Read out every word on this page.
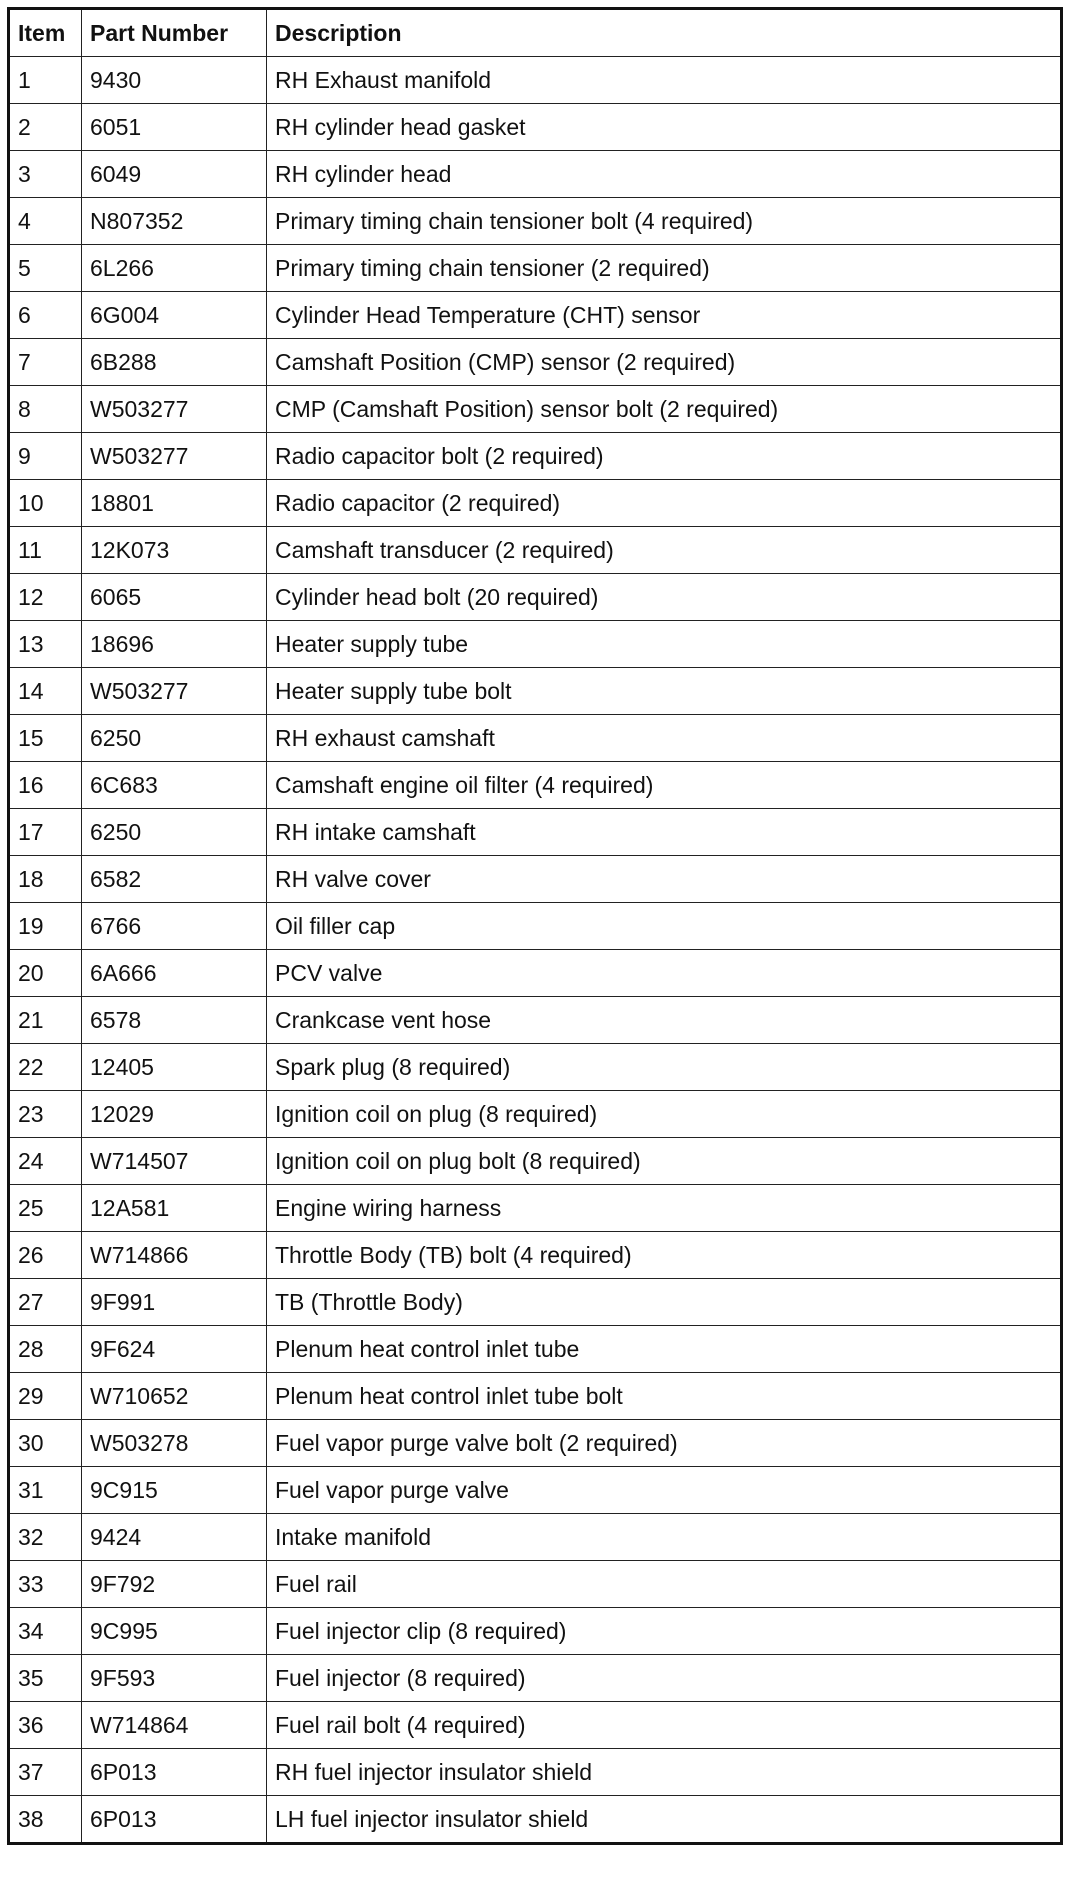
Item	Part Number	Description
1	9430	RH Exhaust manifold
2	6051	RH cylinder head gasket
3	6049	RH cylinder head
4	N807352	Primary timing chain tensioner bolt (4 required)
5	6L266	Primary timing chain tensioner (2 required)
6	6G004	Cylinder Head Temperature (CHT) sensor
7	6B288	Camshaft Position (CMP) sensor (2 required)
8	W503277	CMP (Camshaft Position) sensor bolt (2 required)
9	W503277	Radio capacitor bolt (2 required)
10	18801	Radio capacitor (2 required)
11	12K073	Camshaft transducer (2 required)
12	6065	Cylinder head bolt (20 required)
13	18696	Heater supply tube
14	W503277	Heater supply tube bolt
15	6250	RH exhaust camshaft
16	6C683	Camshaft engine oil filter (4 required)
17	6250	RH intake camshaft
18	6582	RH valve cover
19	6766	Oil filler cap
20	6A666	PCV valve
21	6578	Crankcase vent hose
22	12405	Spark plug (8 required)
23	12029	Ignition coil on plug (8 required)
24	W714507	Ignition coil on plug bolt (8 required)
25	12A581	Engine wiring harness
26	W714866	Throttle Body (TB) bolt (4 required)
27	9F991	TB (Throttle Body)
28	9F624	Plenum heat control inlet tube
29	W710652	Plenum heat control inlet tube bolt
30	W503278	Fuel vapor purge valve bolt (2 required)
31	9C915	Fuel vapor purge valve
32	9424	Intake manifold
33	9F792	Fuel rail
34	9C995	Fuel injector clip (8 required)
35	9F593	Fuel injector (8 required)
36	W714864	Fuel rail bolt (4 required)
37	6P013	RH fuel injector insulator shield
38	6P013	LH fuel injector insulator shield
